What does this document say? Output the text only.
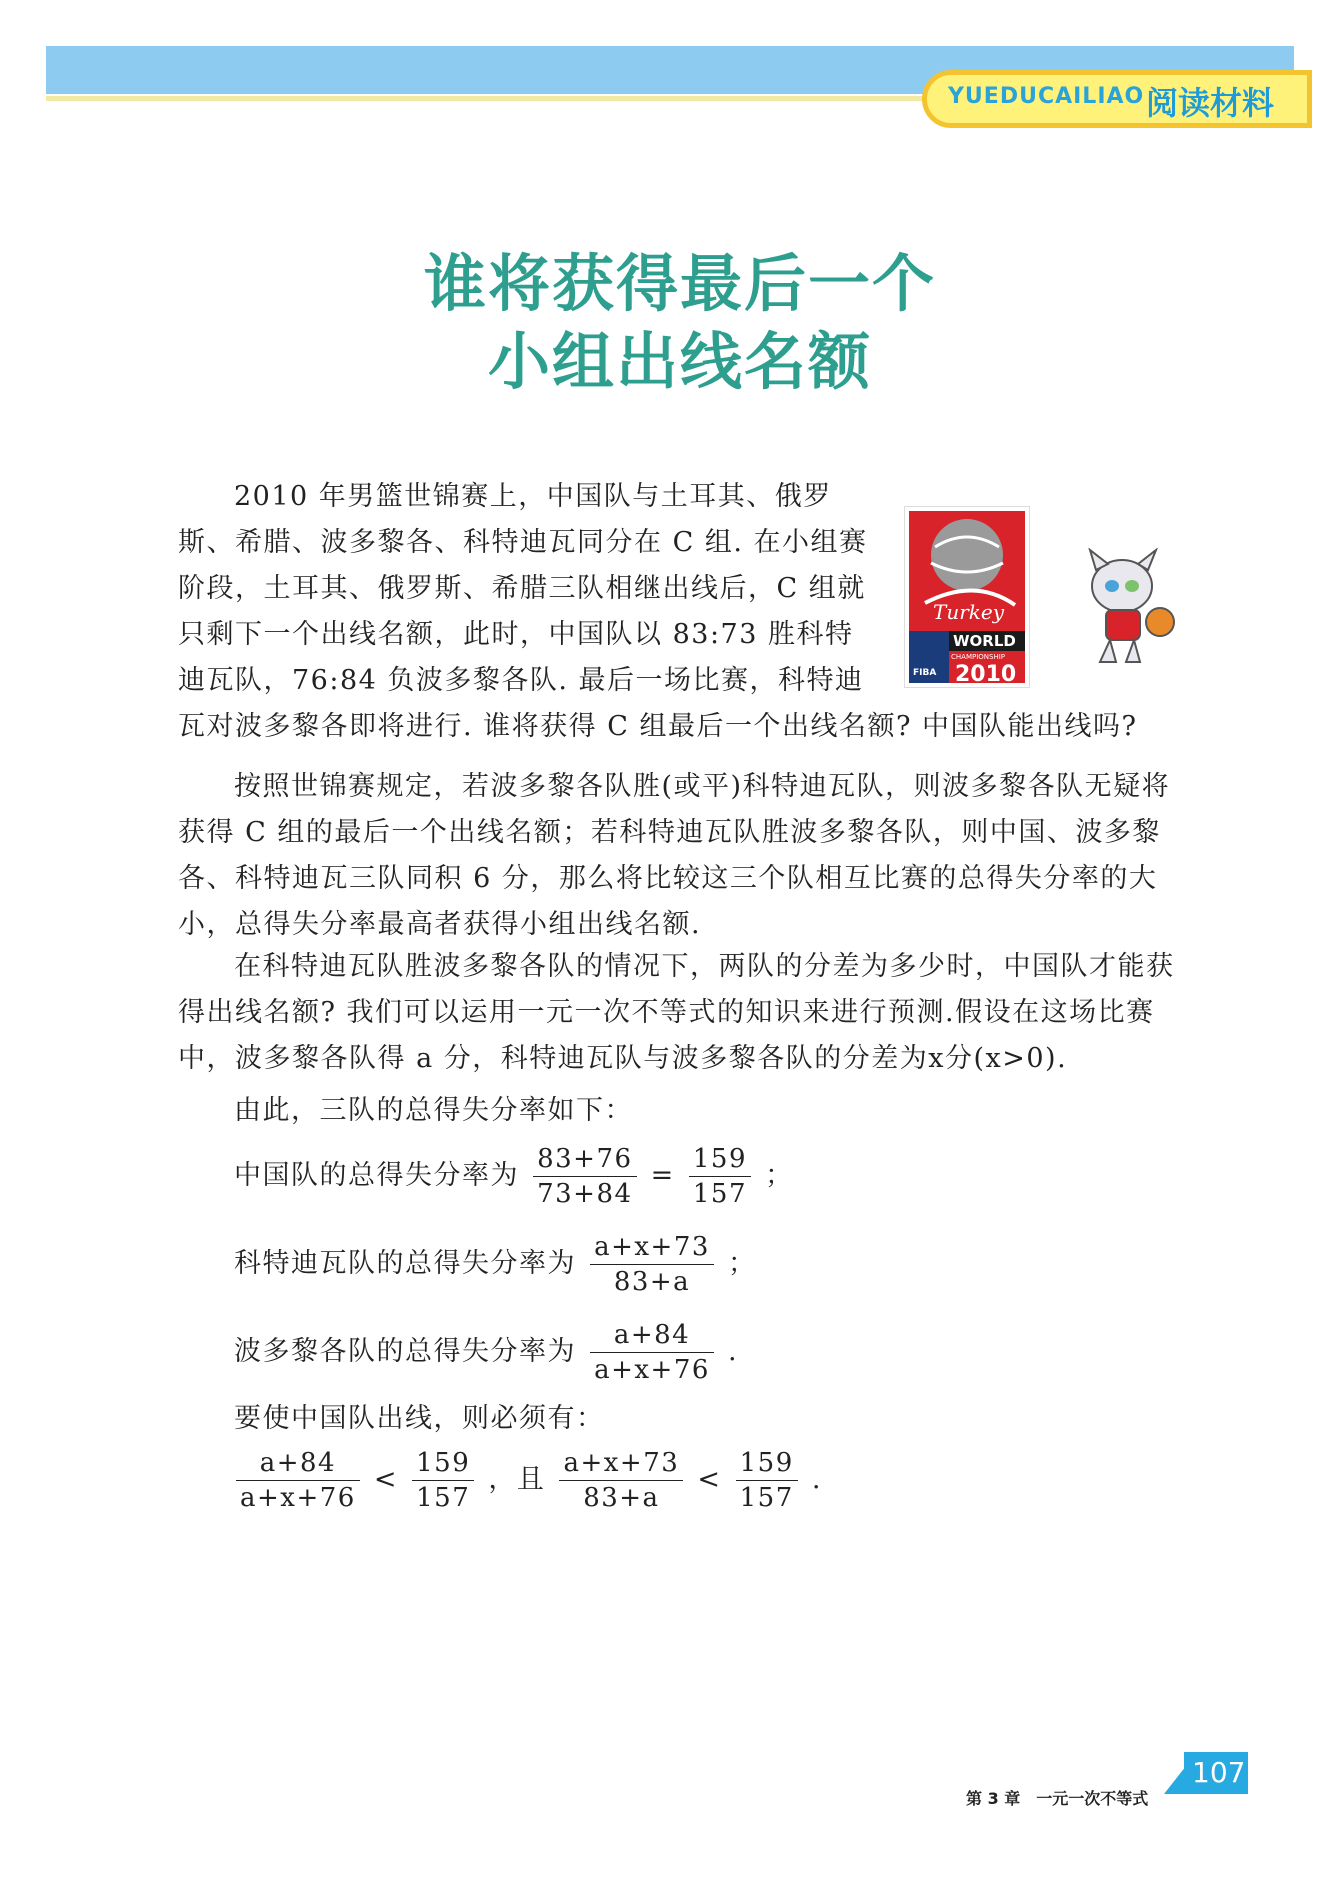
YUEDUCAILIAO 阅读材料
谁将获得最后一个
小组出线名额
Turkey
FIBA
WORLD
CHAMPIONSHIP
2010

2010 年男篮世锦赛上，中国队与土耳其、俄罗斯、希腊、波多黎各、科特迪瓦同分在 C 组. 在小组赛阶段，土耳其、俄罗斯、希腊三队相继出线后，C 组就只剩下一个出线名额，此时，中国队以 83:73 胜科特迪瓦队，76:84 负波多黎各队. 最后一场比赛，科特迪

瓦对波多黎各即将进行. 谁将获得 C 组最后一个出线名额? 中国队能出线吗?

按照世锦赛规定，若波多黎各队胜(或平)科特迪瓦队，则波多黎各队无疑将获得 C 组的最后一个出线名额；若科特迪瓦队胜波多黎各队，则中国、波多黎各、科特迪瓦三队同积 6 分，那么将比较这三个队相互比赛的总得失分率的大小，总得失分率最高者获得小组出线名额.

在科特迪瓦队胜波多黎各队的情况下，两队的分差为多少时，中国队才能获得出线名额? 我们可以运用一元一次不等式的知识来进行预测.假设在这场比赛中，波多黎各队得 a 分，科特迪瓦队与波多黎各队的分差为x分(x>0).

由此，三队的总得失分率如下：
中国队的总得失分率为 $\frac{83+76}{73+84} = \frac{159}{157}$ ；
科特迪瓦队的总得失分率为 $\frac{a+x+73}{83+a}$ ；
波多黎各队的总得失分率为 $\frac{a+84}{a+x+76}$ .
要使中国队出线，则必须有：
$\frac{a+84}{a+x+76} < \frac{159}{157}$ ，且 $\frac{a+x+73}{83+a} < \frac{159}{157}$ .
第 3 章　一元一次不等式
107
